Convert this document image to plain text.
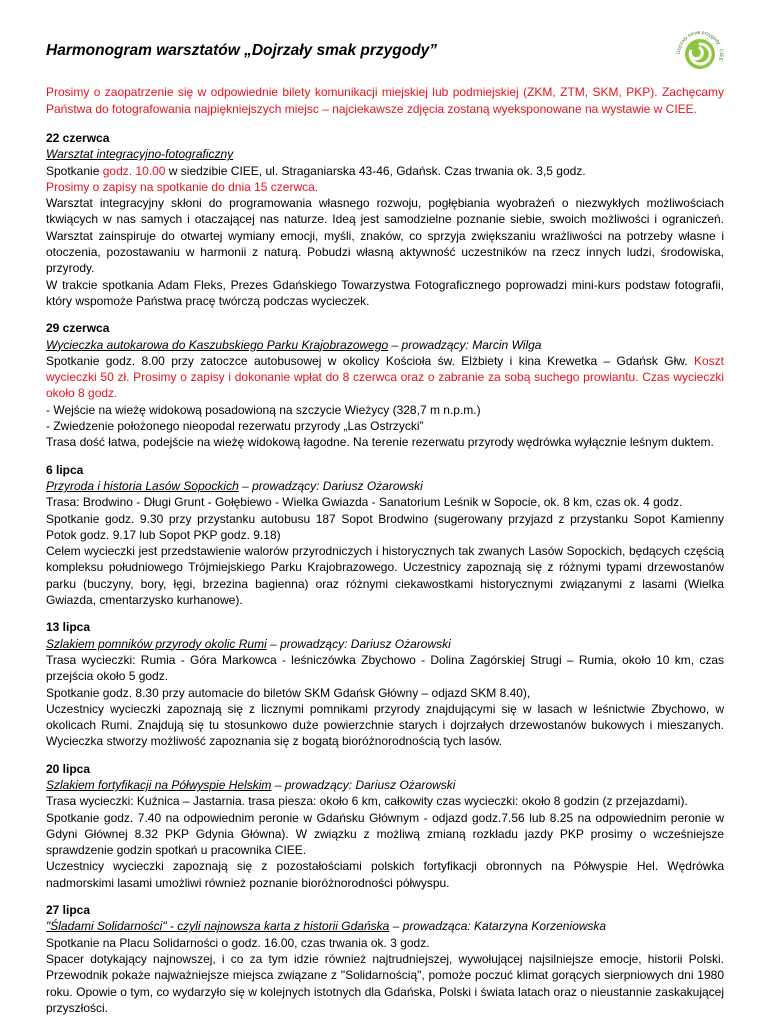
Harmonogram warsztatów „Dojrzały smak przygody”	Dojrzały smak przygody · CIEE

Prosimy o zaopatrzenie się w odpowiednie bilety komunikacji miejskiej lub podmiejskiej (ZKM, ZTM, SKM, PKP). Zachęcamy Państwa do fotografowania najpiękniejszych miejsc – najciekawsze zdjęcia zostaną wyeksponowane na wystawie w CIEE.

22 czerwca
Warsztat integracyjno-fotograficzny
Spotkanie godz. 10.00 w siedzibie CIEE, ul. Straganiarska 43-46, Gdańsk. Czas trwania ok. 3,5 godz.
Prosimy o zapisy na spotkanie do dnia 15 czerwca.
Warsztat integracyjny skłoni do programowania własnego rozwoju, pogłębiania wyobrażeń o niezwykłych możliwościach tkwiących w nas samych i otaczającej nas naturze. Ideą jest samodzielne poznanie siebie, swoich możliwości i ograniczeń. Warsztat zainspiruje do otwartej wymiany emocji, myśli, znaków, co sprzyja zwiększaniu wrażliwości na potrzeby własne i otoczenia, pozostawaniu w harmonii z naturą. Pobudzi własną aktywność uczestników na rzecz innych ludzi, środowiska, przyrody.
W trakcie spotkania Adam Fleks, Prezes Gdańskiego Towarzystwa Fotograficznego poprowadzi mini-kurs podstaw fotografii, który wspomoże Państwa pracę twórczą podczas wycieczek.
29 czerwca
Wycieczka autokarowa do Kaszubskiego Parku Krajobrazowego – prowadzący: Marcin Wilga
Spotkanie godz. 8.00 przy zatoczce autobusowej w okolicy Kościoła św. Elżbiety i kina Krewetka – Gdańsk Głw. Koszt wycieczki 50 zł. Prosimy o zapisy i dokonanie wpłat do 8 czerwca oraz o zabranie za sobą suchego prowiantu. Czas wycieczki około 8 godz.
- Wejście na wieżę widokową posadowioną na szczycie Wieżycy (328,7 m n.p.m.)
- Zwiedzenie położonego nieopodal rezerwatu przyrody „Las Ostrzycki”
Trasa dość łatwa, podejście na wieżę widokową łagodne. Na terenie rezerwatu przyrody wędrówka wyłącznie leśnym duktem.
6 lipca
Przyroda i historia Lasów Sopockich – prowadzący: Dariusz Ożarowski
Trasa: Brodwino - Długi Grunt - Gołębiewo - Wielka Gwiazda - Sanatorium Leśnik w Sopocie, ok. 8 km, czas ok. 4 godz.
Spotkanie godz. 9.30 przy przystanku autobusu 187 Sopot Brodwino (sugerowany przyjazd z przystanku Sopot Kamienny Potok godz. 9.17 lub Sopot PKP godz. 9.18)
Celem wycieczki jest przedstawienie walorów przyrodniczych i historycznych tak zwanych Lasów Sopockich, będących częścią kompleksu południowego Trójmiejskiego Parku Krajobrazowego. Uczestnicy zapoznają się z różnymi typami drzewostanów parku (buczyny, bory, łęgi, brzezina bagienna) oraz różnymi ciekawostkami historycznymi związanymi z lasami (Wielka Gwiazda, cmentarzysko kurhanowe).
13 lipca
Szlakiem pomników przyrody okolic Rumi – prowadzący: Dariusz Ożarowski
Trasa wycieczki: Rumia - Góra Markowca - leśniczówka Zbychowo - Dolina Zagórskiej Strugi – Rumia, około 10 km, czas przejścia około 5 godz.
Spotkanie godz. 8.30 przy automacie do biletów SKM Gdańsk Główny – odjazd SKM 8.40),
Uczestnicy wycieczki zapoznają się z licznymi pomnikami przyrody znajdującymi się w lasach w leśnictwie Zbychowo, w okolicach Rumi. Znajdują się tu stosunkowo duże powierzchnie starych i dojrzałych drzewostanów bukowych i mieszanych. Wycieczka stworzy możliwość zapoznania się z bogatą bioróżnorodnością tych lasów.
20 lipca
Szlakiem fortyfikacji na Półwyspie Helskim – prowadzący: Dariusz Ożarowski
Trasa wycieczki: Kuźnica – Jastarnia. trasa piesza: około 6 km, całkowity czas wycieczki: około 8 godzin (z przejazdami).
Spotkanie godz. 7.40 na odpowiednim peronie w Gdańsku Głównym - odjazd godz.7.56 lub 8.25 na odpowiednim peronie w Gdyni Głównej 8.32 PKP Gdynia Główna). W związku z możliwą zmianą rozkładu jazdy PKP prosimy o wcześniejsze sprawdzenie godzin spotkań u pracownika CIEE.
Uczestnicy wycieczki zapoznają się z pozostałościami polskich fortyfikacji obronnych na Półwyspie Hel. Wędrówka nadmorskimi lasami umożliwi również poznanie bioróżnorodności półwyspu.
27 lipca
"Śladami Solidarności" - czyli najnowsza karta z historii Gdańska – prowadząca: Katarzyna Korzeniowska
Spotkanie na Placu Solidarności o godz. 16.00, czas trwania ok. 3 godz.
Spacer dotykający najnowszej, i co za tym idzie również najtrudniejszej, wywołującej najsilniejsze emocje, historii Polski. Przewodnik pokaże najważniejsze miejsca związane z "Solidarnością", pomoże poczuć klimat gorących sierpniowych dni 1980 roku. Opowie o tym, co wydarzyło się w kolejnych istotnych dla Gdańska, Polski i świata latach oraz o nieustannie zaskakującej przyszłości.
